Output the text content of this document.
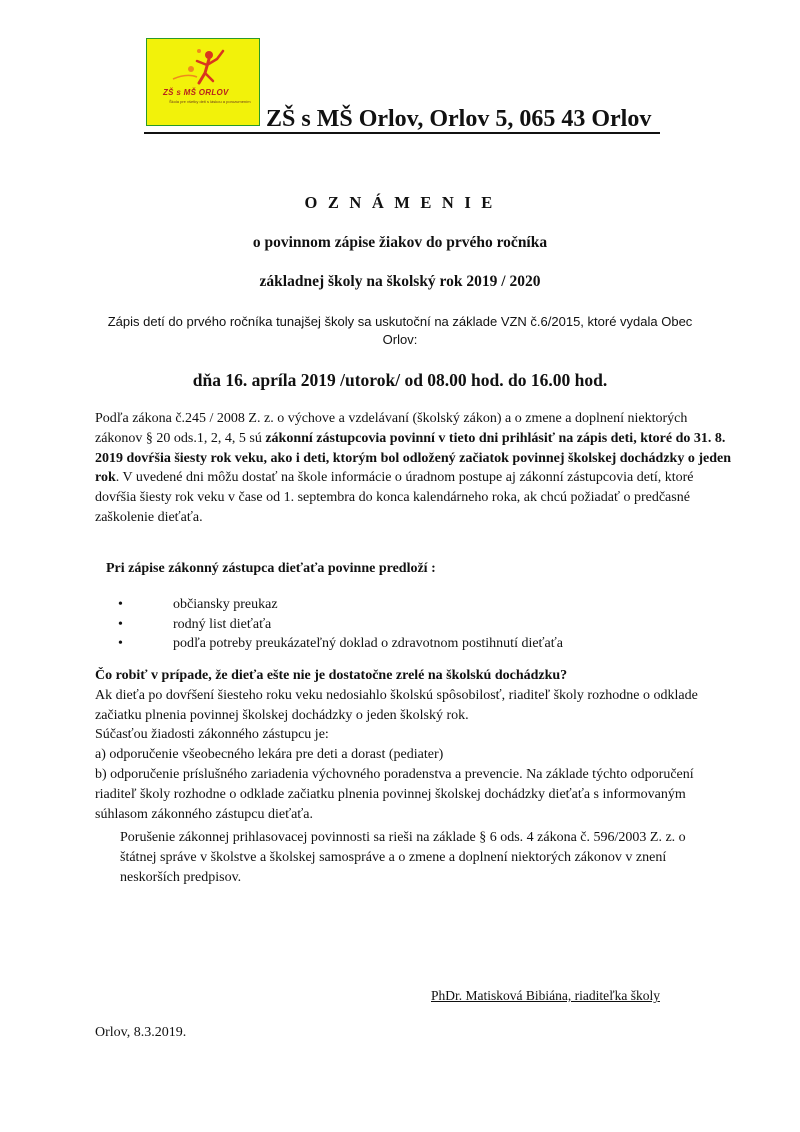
ZŠ s MŠ ORLOV
Škola pre všetky deti s láskou a porozumením
ZŠ s MŠ Orlov, Orlov 5, 065 43 Orlov
O Z N Á M E N I E
o povinnom zápise žiakov do prvého ročníka
základnej školy na školský rok 2019 / 2020
Zápis detí do prvého ročníka tunajšej školy sa uskutoční na základe VZN č.6/2015, ktoré vydala Obec Orlov:
dňa 16. apríla 2019 /utorok/ od 08.00 hod. do 16.00 hod.
Podľa zákona č.245 / 2008 Z. z. o výchove a vzdelávaní (školský zákon) a o zmene a doplnení niektorých zákonov § 20 ods.1, 2, 4, 5 sú zákonní zástupcovia povinní v tieto dni prihlásiť na zápis deti, ktoré do 31. 8. 2019 dovŕšia šiesty rok veku, ako i deti, ktorým bol odložený začiatok povinnej školskej dochádzky o jeden rok. V uvedené dni môžu dostať na škole informácie o úradnom postupe aj zákonní zástupcovia detí, ktoré dovŕšia šiesty rok veku v čase od 1. septembra do konca kalendárneho roka, ak chcú požiadať o predčasné zaškolenie dieťaťa.
Pri zápise zákonný zástupca dieťaťa povinne predloží :
•	občiansky preukaz
•	rodný list dieťaťa
•	podľa potreby preukázateľný doklad o zdravotnom postihnutí dieťaťa
Čo robiť v prípade, že dieťa ešte nie je dostatočne zrelé na školskú dochádzku?
Ak dieťa po dovŕšení šiesteho roku veku nedosiahlo školskú spôsobilosť, riaditeľ školy rozhodne o odklade začiatku plnenia povinnej školskej dochádzky o jeden školský rok.
Súčasťou žiadosti zákonného zástupcu je:
a) odporučenie všeobecného lekára pre deti a dorast (pediater)
b) odporučenie príslušného zariadenia výchovného poradenstva a prevencie. Na základe týchto odporučení riaditeľ školy rozhodne o odklade začiatku plnenia povinnej školskej dochádzky dieťaťa s informovaným súhlasom zákonného zástupcu dieťaťa.
Porušenie zákonnej prihlasovacej povinnosti sa rieši na základe § 6 ods. 4 zákona č. 596/2003 Z. z. o štátnej správe v školstve a školskej samospráve a o zmene a doplnení niektorých zákonov v znení neskorších predpisov.
PhDr. Matisková Bibiána, riaditeľka školy
Orlov, 8.3.2019.
